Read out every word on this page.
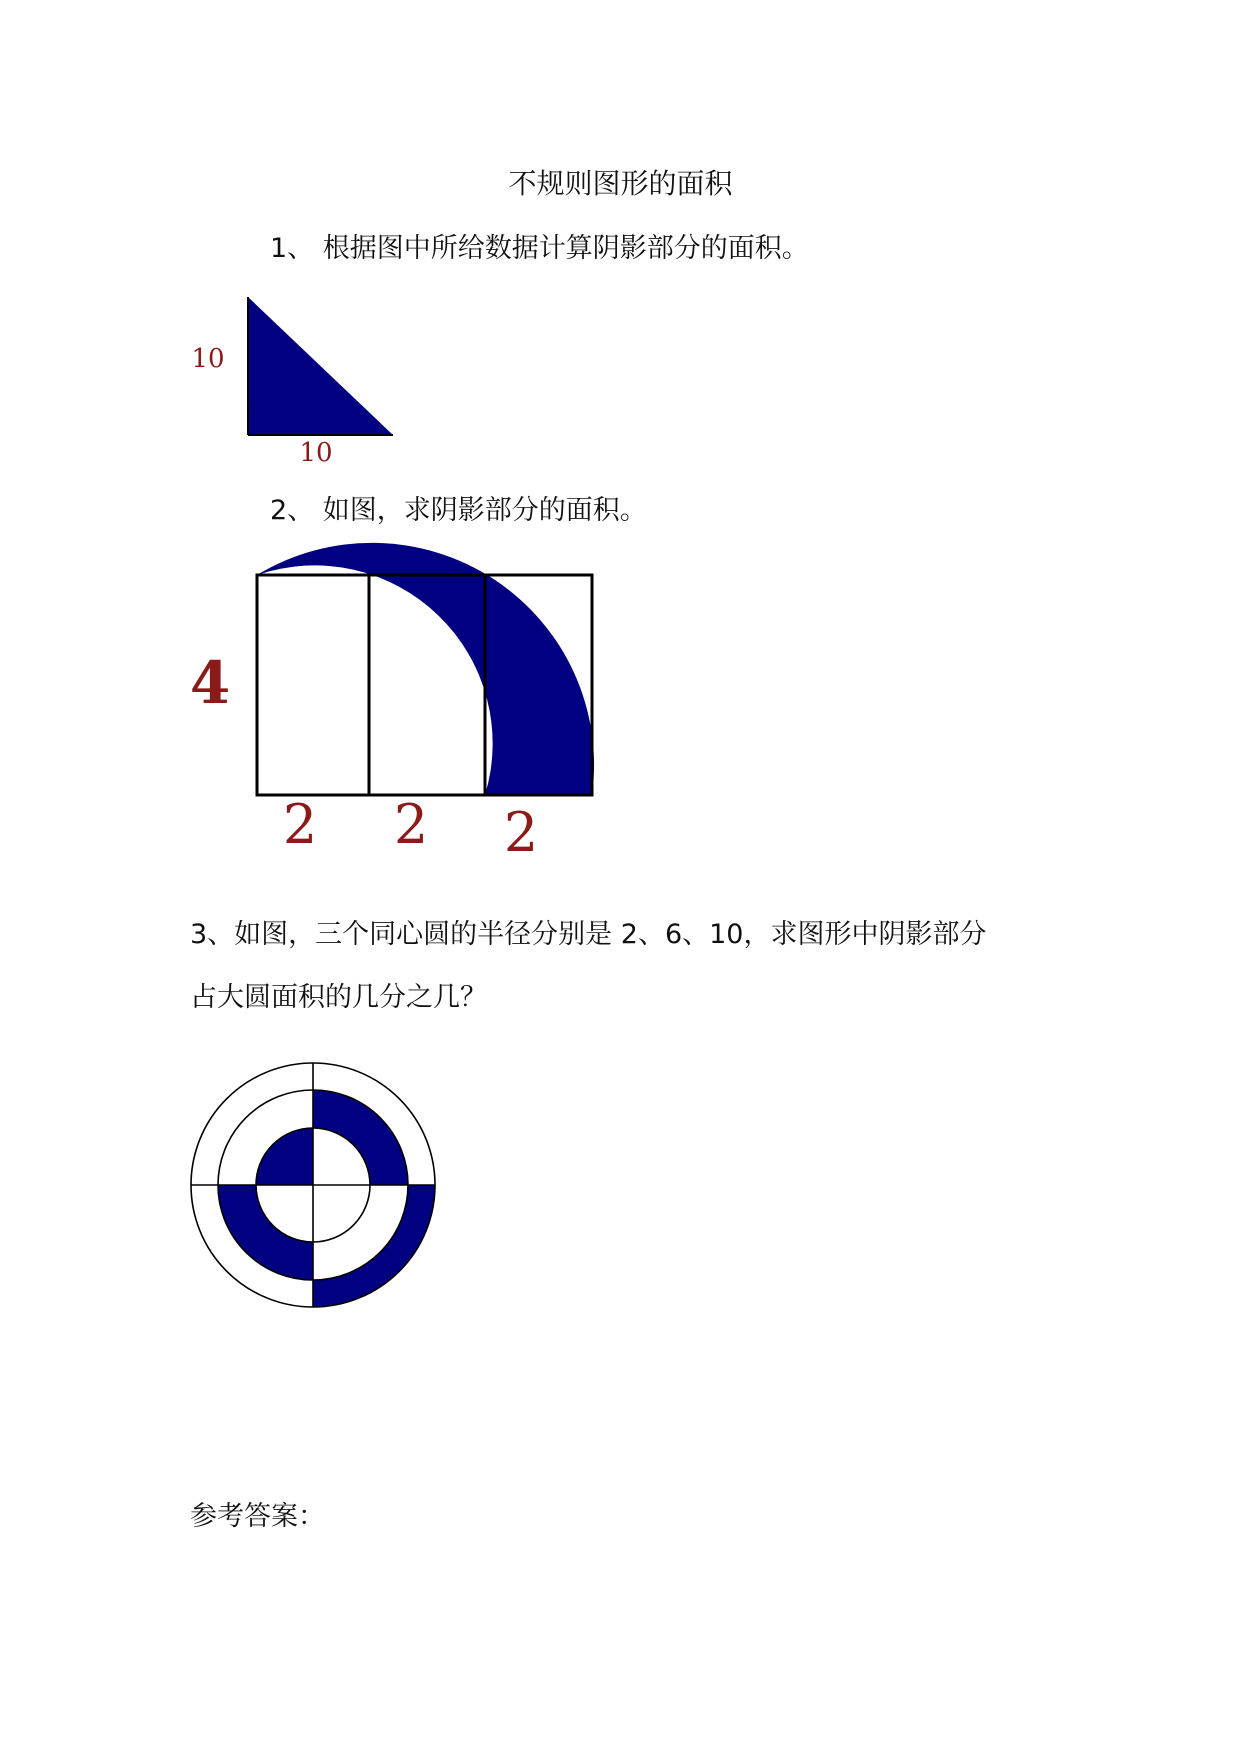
不规则图形的面积
1、 根据图中所给数据计算阴影部分的面积。
10
10
2、 如图，求阴影部分的面积。
4
2 2 2
3、如图，三个同心圆的半径分别是 2、6、10，求图形中阴影部分
占大圆面积的几分之几？
参考答案：
